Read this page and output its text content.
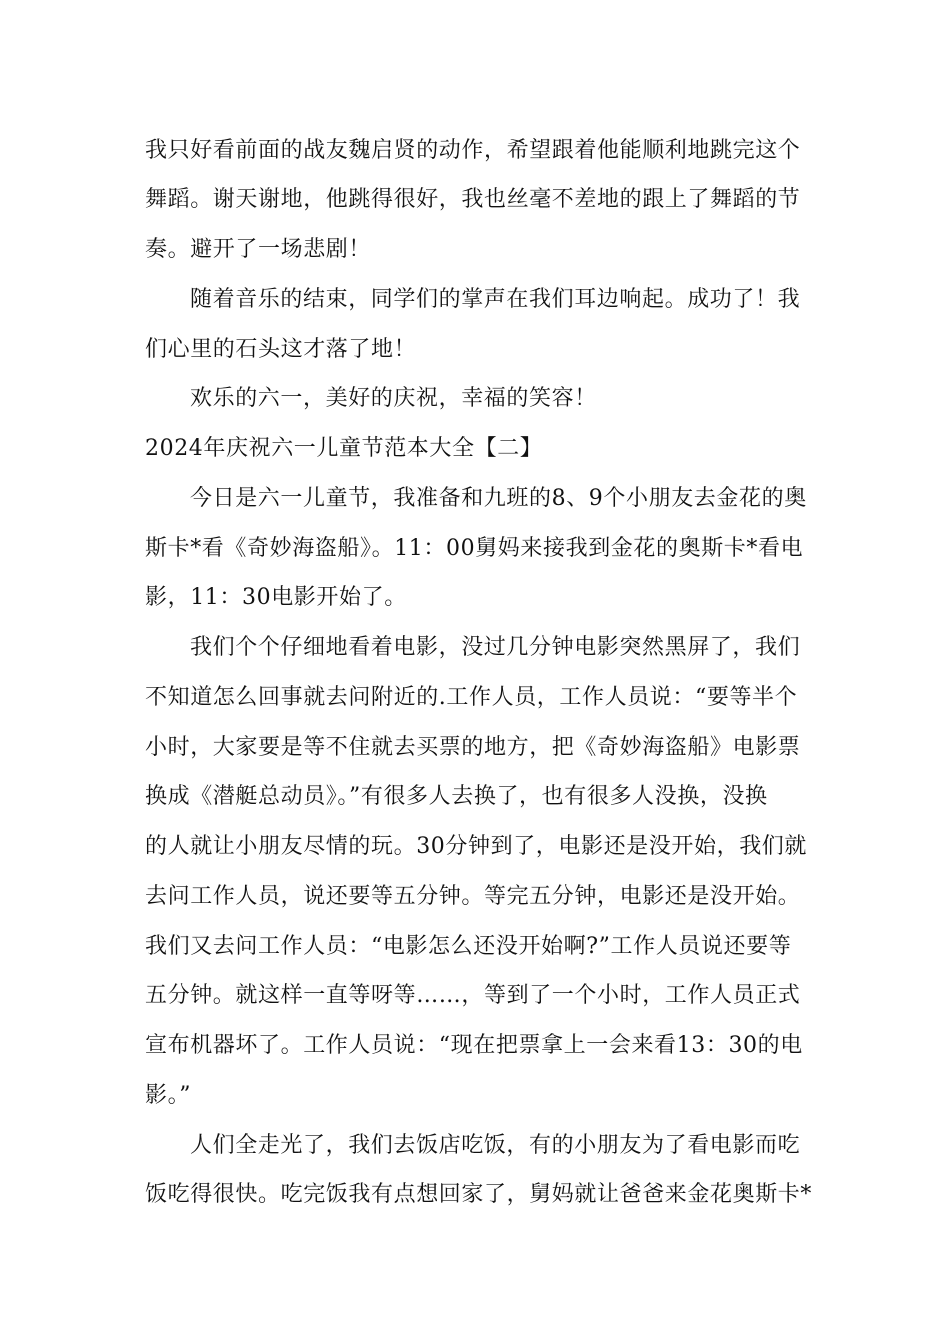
我只好看前面的战友魏启贤的动作，希望跟着他能顺利地跳完这个
舞蹈。谢天谢地，他跳得很好，我也丝毫不差地的跟上了舞蹈的节
奏。避开了一场悲剧！
随着音乐的结束，同学们的掌声在我们耳边响起。成功了！我
们心里的石头这才落了地！
欢乐的六一，美好的庆祝，幸福的笑容！
2024年庆祝六一儿童节范本大全【二】
今日是六一儿童节，我准备和九班的8、9个小朋友去金花的奥
斯卡*看《奇妙海盗船》。11：00舅妈来接我到金花的奥斯卡*看电
影，11：30电影开始了。
我们个个仔细地看着电影，没过几分钟电影突然黑屏了，我们
不知道怎么回事就去问附近的.工作人员，工作人员说：“要等半个
小时，大家要是等不住就去买票的地方，把《奇妙海盗船》电影票
换成《潜艇总动员》。”有很多人去换了，也有很多人没换，没换
的人就让小朋友尽情的玩。30分钟到了，电影还是没开始，我们就
去问工作人员，说还要等五分钟。等完五分钟，电影还是没开始。
我们又去问工作人员：“电影怎么还没开始啊?”工作人员说还要等
五分钟。就这样一直等呀等……，等到了一个小时，工作人员正式
宣布机器坏了。工作人员说：“现在把票拿上一会来看13：30的电
影。”
人们全走光了，我们去饭店吃饭，有的小朋友为了看电影而吃
饭吃得很快。吃完饭我有点想回家了，舅妈就让爸爸来金花奥斯卡*
